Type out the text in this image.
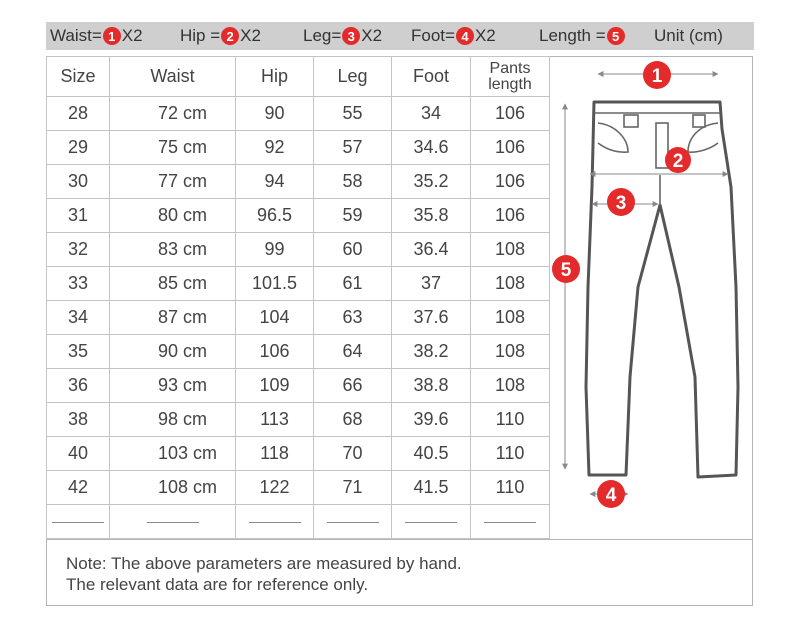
Waist= 1 X2 Hip = 2 X2 Leg= 3 X2 Foot= 4 X2	Length = 5	Unit (cm)
Size	Waist	Hip	Leg	Foot	Pants
length
28	72 cm	90	55	34	106
29	75 cm	92	57	34.6	106
30	77 cm	94	58	35.2	106
31	80 cm	96.5	59	35.8	106
32	83 cm	99	60	36.4	108
33	85 cm	101.5	61	37	108
34	87 cm	104	63	37.6	108
35	90 cm	106	64	38.2	108
36	93 cm	109	66	38.8	108
38	98 cm	113	68	39.6	110
40	103 cm	118	70	40.5	110
42	108 cm	122	71	41.5	110

1
2
3
4
5
Note: The above parameters are measured by hand.
The relevant data are for reference only.
